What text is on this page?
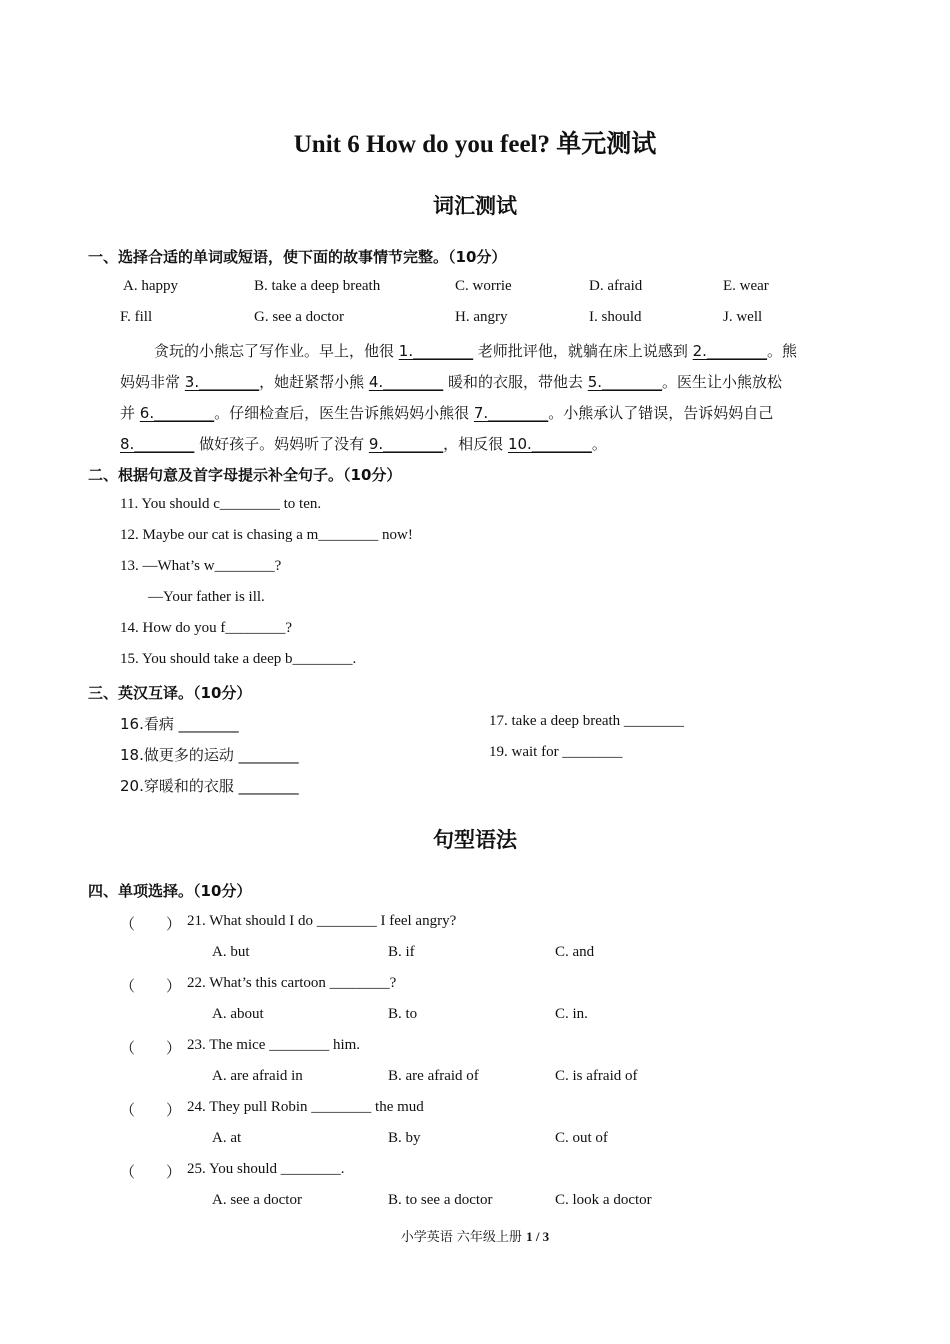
Unit 6 How do you feel? 单元测试
词汇测试
一、选择合适的单词或短语，使下面的故事情节完整。（10分）
A. happy	B. take a deep breath	C. worrie	D. afraid	E. wear
F. fill	G. see a doctor	H. angry	I. should	J. well
贪玩的小熊忘了写作业。早上，他很 1.________ 老师批评他，就躺在床上说感到 2.________。熊
妈妈非常 3.________，她赶紧帮小熊 4.________ 暖和的衣服，带他去 5.________。医生让小熊放松
并 6.________。仔细检查后，医生告诉熊妈妈小熊很 7.________。小熊承认了错误，告诉妈妈自己
8.________ 做好孩子。妈妈听了没有 9.________，相反很 10.________。
二、根据句意及首字母提示补全句子。（10分）
11. You should c________ to ten.
12. Maybe our cat is chasing a m________ now!
13. —What’s w________?
—Your father is ill.
14. How do you f________?
15. You should take a deep b________.
三、英汉互译。（10分）
16.看病 ________	17. take a deep breath ________
18.做更多的运动 ________	19. wait for ________
20.穿暖和的衣服 ________
句型语法
四、单项选择。（10分）
（ ） 21. What should I do ________ I feel angry?
A. but	B. if	C. and
（ ） 22. What’s this cartoon ________?
A. about	B. to	C. in.
（ ） 23. The mice ________ him.
A. are afraid in	B. are afraid of	C. is afraid of
（ ） 24. They pull Robin ________ the mud
A. at	B. by	C. out of
（ ） 25. You should ________.
A. see a doctor	B. to see a doctor	C. look a doctor
小学英语 六年级上册 1 / 3
